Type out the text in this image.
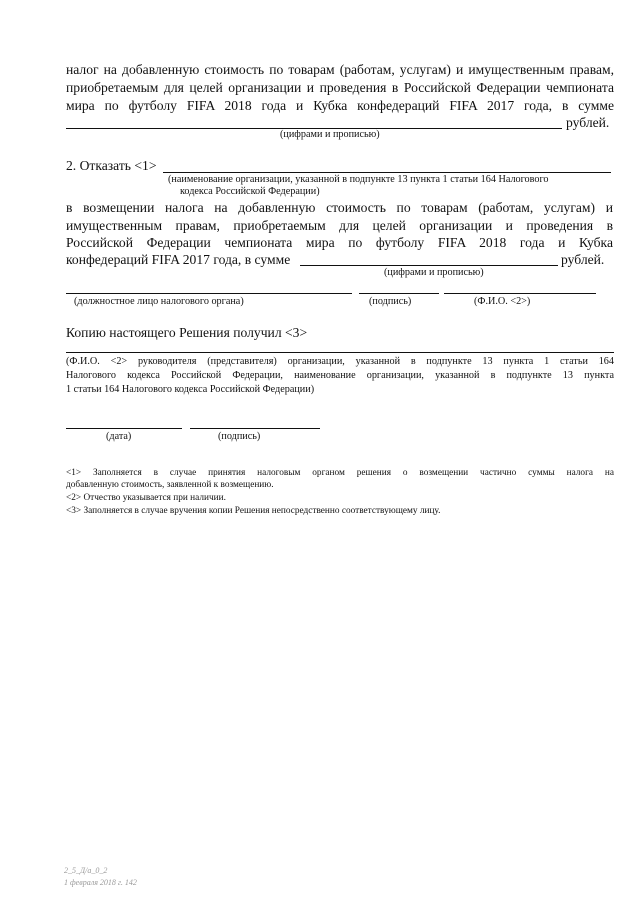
налог на добавленную стоимость по товарам (работам, услугам) и имущественным правам,
приобретаемым для целей организации и проведения в Российской Федерации чемпионата
мира по футболу FIFA 2018 года и Кубка конфедераций FIFA 2017 года, в сумме
рублей.
(цифрами и прописью)
2. Отказать <1>
(наименование организации, указанной в подпункте 13 пункта 1 статьи 164 Налогового
кодекса Российской Федерации)
в возмещении налога на добавленную стоимость по товарам (работам, услугам) и
имущественным правам, приобретаемым для целей организации и проведения в
Российской Федерации чемпионата мира по футболу FIFA 2018 года и Кубка
конфедераций FIFA 2017 года, в сумме	рублей.
(цифрами и прописью)
(должностное лицо налогового органа)	(подпись)	(Ф.И.О. <2>)
Копию настоящего Решения получил <3>
(Ф.И.О. <2> руководителя (представителя) организации, указанной в подпункте 13 пункта 1 статьи 164
Налогового кодекса Российской Федерации, наименование организации, указанной в подпункте 13 пункта
1 статьи 164 Налогового кодекса Российской Федерации)
(дата)	(подпись)
<1> Заполняется в случае принятия налоговым органом решения о возмещении частично суммы налога на
добавленную стоимость, заявленной к возмещению.
<2> Отчество указывается при наличии.
<3> Заполняется в случае вручения копии Решения непосредственно соответствующему лицу.
2_5_Д/а_0_2
1 февраля 2018 г. 142
